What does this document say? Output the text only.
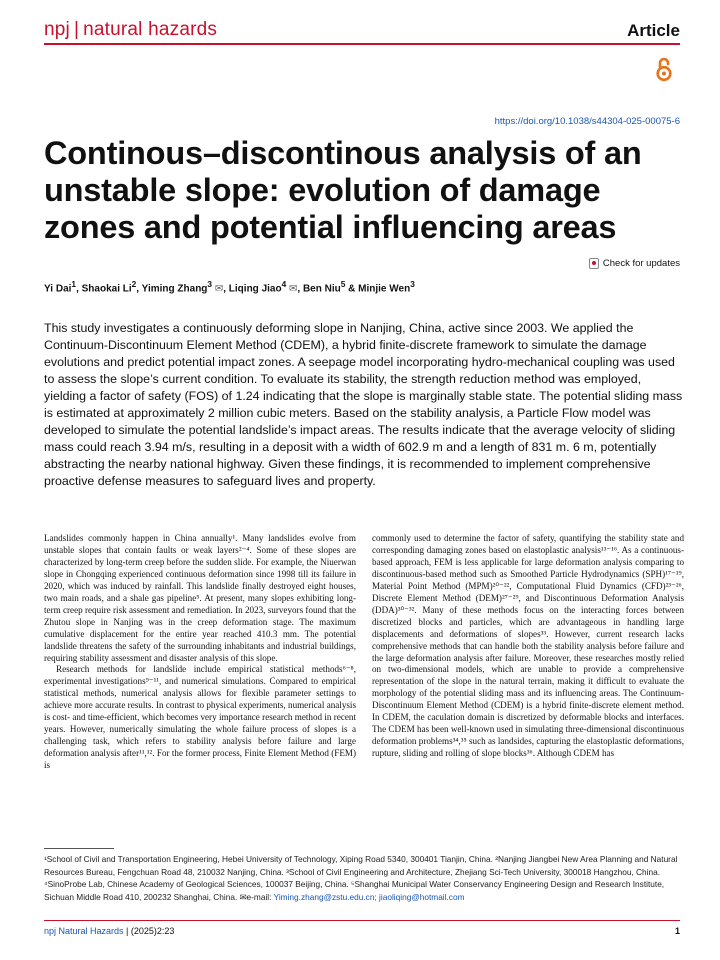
npj | natural hazards	Article
https://doi.org/10.1038/s44304-025-00075-6
Continous–discontinous analysis of an unstable slope: evolution of damage zones and potential influencing areas
Check for updates
Yi Dai$^1$, Shaokai Li$^2$, Yiming Zhang$^3$ ✉, Liqing Jiao$^4$ ✉, Ben Niu$^5$ & Minjie Wen$^3$

This study investigates a continuously deforming slope in Nanjing, China, active since 2003. We applied the Continuum-Discontinuum Element Method (CDEM), a hybrid finite-discrete framework to simulate the damage evolutions and predict potential impact zones. A seepage model incorporating hydro-mechanical coupling was used to assess the slope’s current condition. To evaluate its stability, the strength reduction method was employed, yielding a factor of safety (FOS) of 1.24 indicating that the slope is marginally stable state. The potential sliding mass is estimated at approximately 2 million cubic meters. Based on the stability analysis, a Particle Flow model was developed to simulate the potential landslide’s impact areas. The results indicate that the average velocity of sliding mass could reach 3.94 m/s, resulting in a deposit with a width of 602.9 m and a length of 831 m. 6 m, potentially abstracting the nearby national highway. Given these findings, it is recommended to implement comprehensive proactive defense measures to safeguard lives and property.

Landslides commonly happen in China annually¹. Many landslides evolve from unstable slopes that contain faults or weak layers²⁻⁴. Some of these slopes are characterized by long-term creep before the sudden slide. For example, the Niuerwan slope in Chongqing experienced continuous deformation since 1998 till its failure in 2020, which was induced by rainfall. This landslide finally destroyed eight houses, two main roads, and a shale gas pipeline⁵. At present, many slopes exhibiting long-term creep require risk assessment and remediation. In 2023, surveyors found that the Zhutou slope in Nanjing was in the creep deformation stage. The maximum cumulative displacement for the entire year reached 410.3 mm. The potential landslide threatens the safety of the surrounding inhabitants and industrial buildings, requiring stability assessment and disaster analysis of this slope.

Research methods for landslide include empirical statistical methods⁶⁻⁸, experimental investigations⁹⁻¹¹, and numerical simulations. Compared to empirical statistical methods, numerical analysis allows for flexible parameter settings to achieve more accurate results. In contrast to physical experiments, numerical analysis is cost- and time-efficient, which becomes very importance research method in recent years. However, numerically simulating the whole failure process of slopes is a challenging task, which refers to stability analysis before failure and large deformation analysis after¹¹,¹². For the former process, Finite Element Method (FEM) is

commonly used to determine the factor of safety, quantifying the stability state and corresponding damaging zones based on elastoplastic analysis¹³⁻¹⁶. As a continuous-based approach, FEM is less applicable for large deformation analysis comparing to discontinuous-based method such as Smoothed Particle Hydrodynamics (SPH)¹⁷⁻¹⁹, Material Point Method (MPM)²⁰⁻²², Computational Fluid Dynamics (CFD)²³⁻²⁶, Discrete Element Method (DEM)²⁷⁻²⁹, and Discontinuous Deformation Analysis (DDA)³⁰⁻³². Many of these methods focus on the interacting forces between discretized blocks and particles, which are advantageous in handling large displacements and deformations of slopes³³. However, current research lacks comprehensive methods that can handle both the stability analysis before failure and the large deformation analysis after failure. Moreover, these researches mostly relied on two-dimensional models, which are unable to provide a comprehensive representation of the slope in the natural terrain, making it difficult to evaluate the morphology of the potential sliding mass and its influencing areas. The Continuum-Discontinuum Element Method (CDEM) is a hybrid finite-discrete element method. In CDEM, the caculation domain is discretized by deformable blocks and interfaces. The CDEM has been well-known used in simulating three-dimensional discontinuous deformation problems³⁴,³⁵ such as landsides, capturing the elastoplastic deformations, rupture, sliding and rolling of slope blocks³⁶. Although CDEM has

¹School of Civil and Transportation Engineering, Hebei University of Technology, Xiping Road 5340, 300401 Tianjin, China. ²Nanjing Jiangbei New Area Planning and Natural Resources Bureau, Fengchuan Road 48, 210032 Nanjing, China. ³School of Civil Engineering and Architecture, Zhejiang Sci-Tech University, 300018 Hangzhou, China. ⁴SinoProbe Lab, Chinese Academy of Geological Sciences, 100037 Beijing, China. ⁵Shanghai Municipal Water Conservancy Engineering Design and Research Institute, Sichuan Middle Road 410, 200232 Shanghai, China. ✉e-mail: Yiming.zhang@zstu.edu.cn; jiaoliqing@hotmail.com

npj Natural Hazards | (2025)2:23	1
